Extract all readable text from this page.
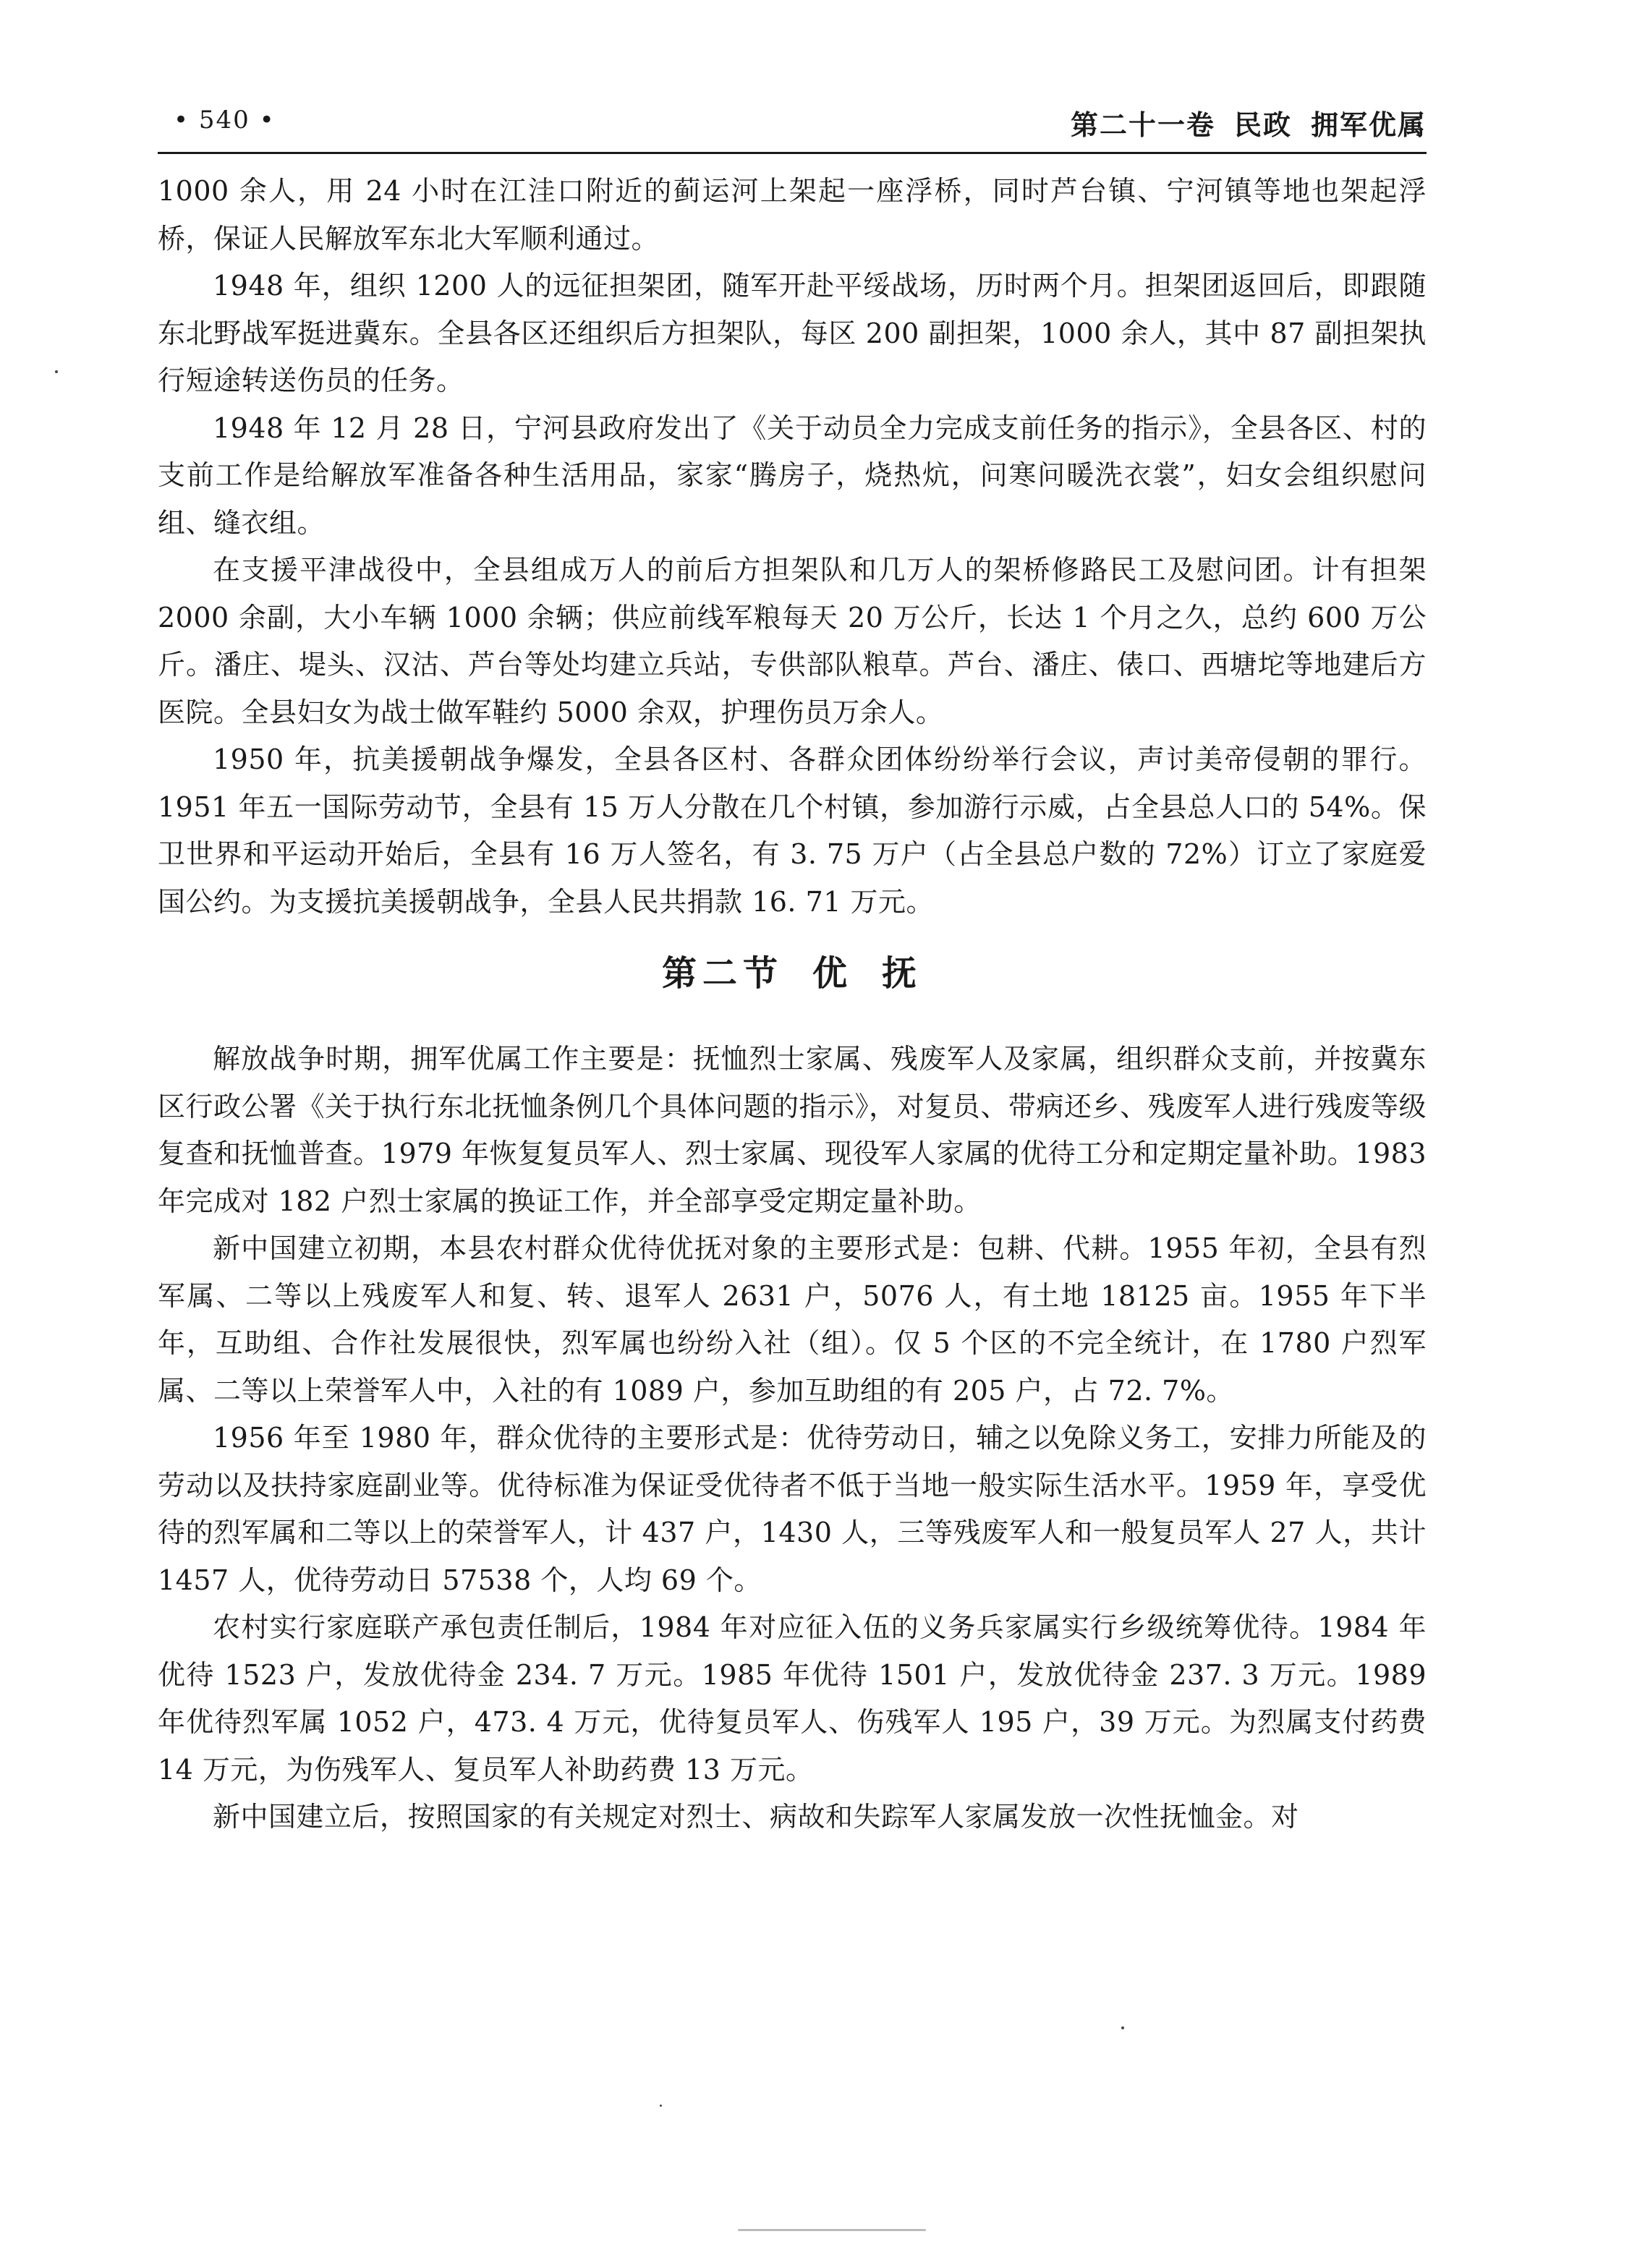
• 540 •	第二十一卷 民政 拥军优属

1000 余人，用 24 小时在江洼口附近的蓟运河上架起一座浮桥，同时芦台镇、宁河镇等地也架起浮桥，保证人民解放军东北大军顺利通过。

1948 年，组织 1200 人的远征担架团，随军开赴平绥战场，历时两个月。担架团返回后，即跟随东北野战军挺进冀东。全县各区还组织后方担架队，每区 200 副担架，1000 余人，其中 87 副担架执行短途转送伤员的任务。

1948 年 12 月 28 日，宁河县政府发出了《关于动员全力完成支前任务的指示》，全县各区、村的支前工作是给解放军准备各种生活用品，家家“腾房子，烧热炕，问寒问暖洗衣裳”，妇女会组织慰问组、缝衣组。

在支援平津战役中，全县组成万人的前后方担架队和几万人的架桥修路民工及慰问团。计有担架 2000 余副，大小车辆 1000 余辆；供应前线军粮每天 20 万公斤，长达 1 个月之久，总约 600 万公斤。潘庄、堤头、汉沽、芦台等处均建立兵站，专供部队粮草。芦台、潘庄、俵口、西塘坨等地建后方医院。全县妇女为战士做军鞋约 5000 余双，护理伤员万余人。

1950 年，抗美援朝战争爆发，全县各区村、各群众团体纷纷举行会议，声讨美帝侵朝的罪行。1951 年五一国际劳动节，全县有 15 万人分散在几个村镇，参加游行示威，占全县总人口的 54%。保卫世界和平运动开始后，全县有 16 万人签名，有 3. 75 万户（占全县总户数的 72%）订立了家庭爱国公约。为支援抗美援朝战争，全县人民共捐款 16. 71 万元。

第二节 优 抚

解放战争时期，拥军优属工作主要是：抚恤烈士家属、残废军人及家属，组织群众支前，并按冀东区行政公署《关于执行东北抚恤条例几个具体问题的指示》，对复员、带病还乡、残废军人进行残废等级复查和抚恤普查。1979 年恢复复员军人、烈士家属、现役军人家属的优待工分和定期定量补助。1983 年完成对 182 户烈士家属的换证工作，并全部享受定期定量补助。

新中国建立初期，本县农村群众优待优抚对象的主要形式是：包耕、代耕。1955 年初，全县有烈军属、二等以上残废军人和复、转、退军人 2631 户，5076 人，有土地 18125 亩。1955 年下半年，互助组、合作社发展很快，烈军属也纷纷入社（组）。仅 5 个区的不完全统计，在 1780 户烈军属、二等以上荣誉军人中，入社的有 1089 户，参加互助组的有 205 户，占 72. 7%。

1956 年至 1980 年，群众优待的主要形式是：优待劳动日，辅之以免除义务工，安排力所能及的劳动以及扶持家庭副业等。优待标准为保证受优待者不低于当地一般实际生活水平。1959 年，享受优待的烈军属和二等以上的荣誉军人，计 437 户，1430 人，三等残废军人和一般复员军人 27 人，共计 1457 人，优待劳动日 57538 个，人均 69 个。

农村实行家庭联产承包责任制后，1984 年对应征入伍的义务兵家属实行乡级统筹优待。1984 年优待 1523 户，发放优待金 234. 7 万元。1985 年优待 1501 户，发放优待金 237. 3 万元。1989 年优待烈军属 1052 户，473. 4 万元，优待复员军人、伤残军人 195 户，39 万元。为烈属支付药费 14 万元，为伤残军人、复员军人补助药费 13 万元。

新中国建立后，按照国家的有关规定对烈士、病故和失踪军人家属发放一次性抚恤金。对
